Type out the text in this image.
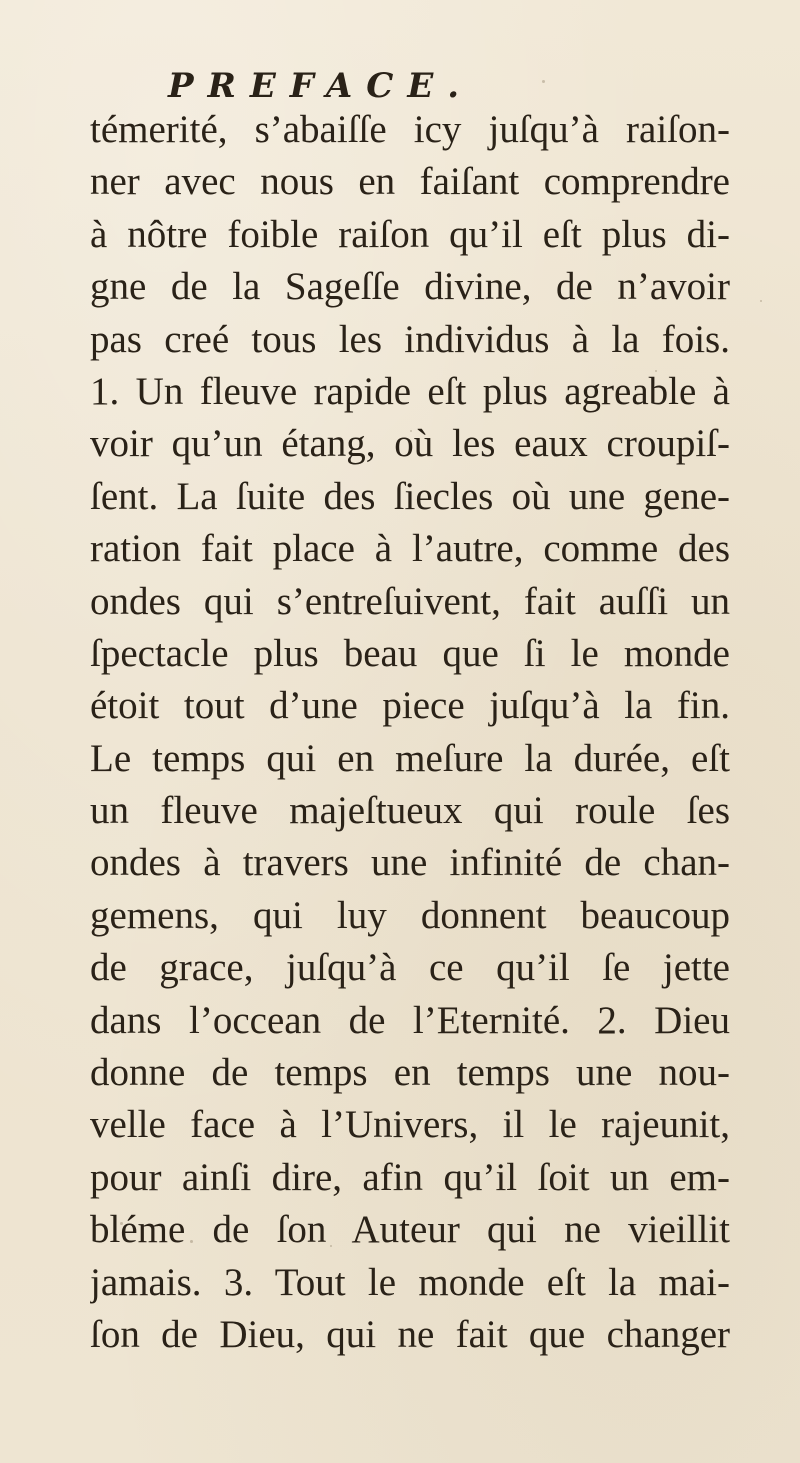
PREFACE.
témerité, s’abaiſſe icy juſqu’à raiſon-
ner avec nous en faiſant comprendre
à nôtre foible raiſon qu’il eſt plus di-
gne de la Sageſſe divine, de n’avoir
pas creé tous les individus à la fois.
1. Un fleuve rapide eſt plus agreable à
voir qu’un étang, où les eaux croupiſ-
ſent. La ſuite des ſiecles où une gene-
ration fait place à l’autre, comme des
ondes qui s’entreſuivent, fait auſſi un
ſpectacle plus beau que ſi le monde
étoit tout d’une piece juſqu’à la fin.
Le temps qui en meſure la durée, eſt
un fleuve majeſtueux qui roule ſes
ondes à travers une infinité de chan-
gemens, qui luy donnent beaucoup
de grace, juſqu’à ce qu’il ſe jette
dans l’occean de l’Eternité. 2. Dieu
donne de temps en temps une nou-
velle face à l’Univers, il le rajeunit,
pour ainſi dire, afin qu’il ſoit un em-
bléme de ſon Auteur qui ne vieillit
jamais. 3. Tout le monde eſt la mai-
ſon de Dieu, qui ne fait que changer
